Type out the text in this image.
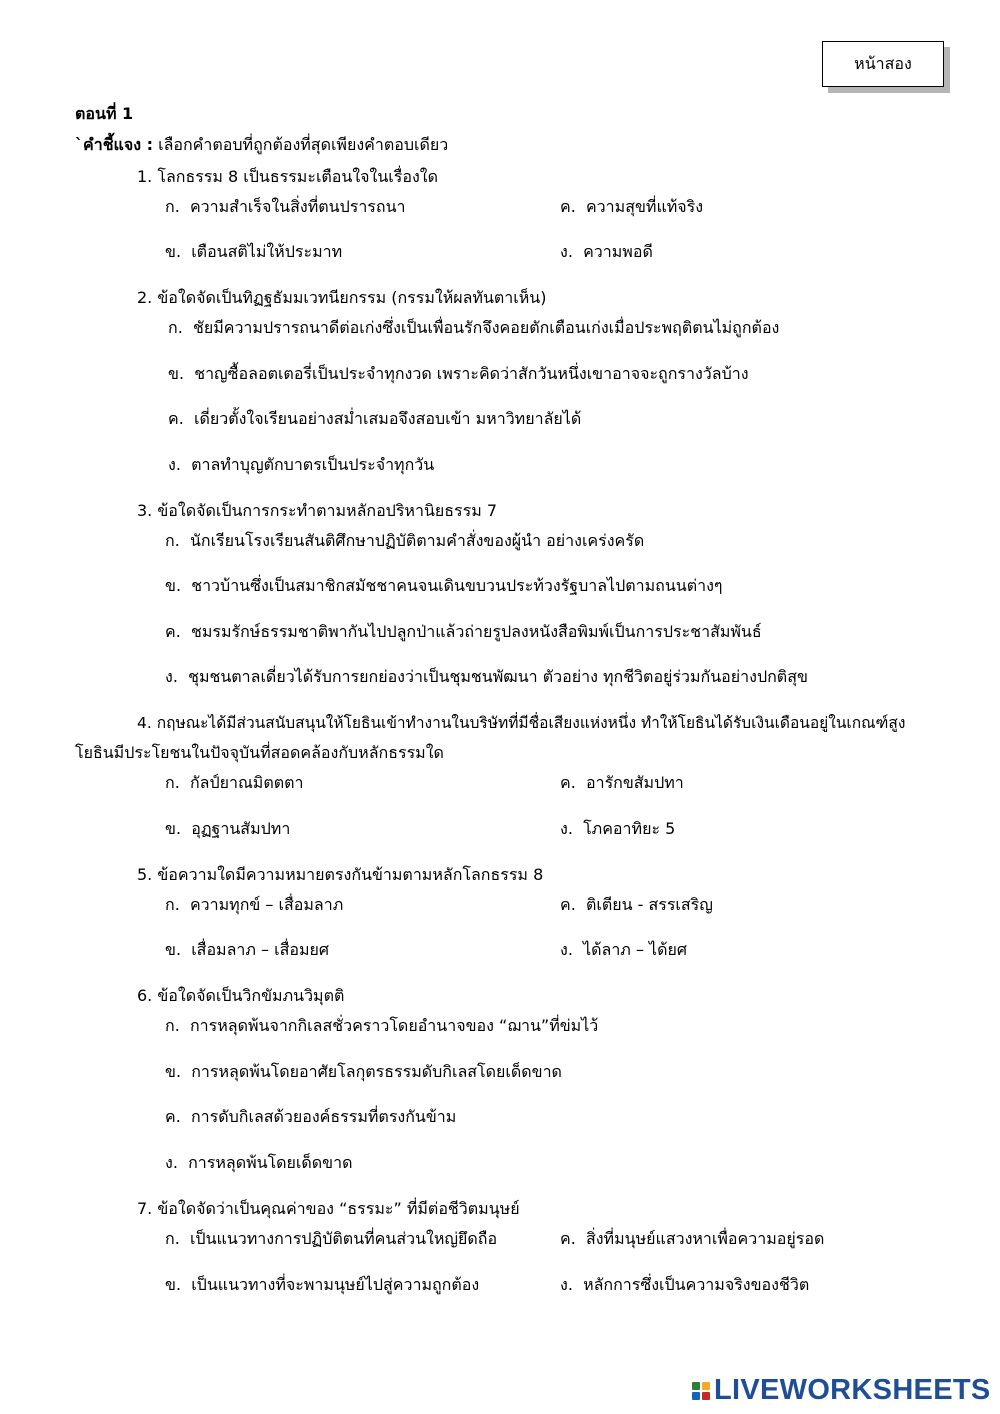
หน้าสอง
ตอนที่ 1
`คำชี้แจง : เลือกคำตอบที่ถูกต้องที่สุดเพียงคำตอบเดียว
1. โลกธรรม 8 เป็นธรรมะเตือนใจในเรื่องใด
ก. ความสำเร็จในสิ่งที่ตนปรารถนา	ค. ความสุขที่แท้จริง
ข. เตือนสติไม่ให้ประมาท	ง. ความพอดี
2. ข้อใดจัดเป็นทิฏฐธัมมเวทนียกรรม (กรรมให้ผลทันตาเห็น)
ก. ชัยมีความปรารถนาดีต่อเก่งซึ่งเป็นเพื่อนรักจึงคอยตักเตือนเก่งเมื่อประพฤติตนไม่ถูกต้อง
ข. ชาญซื้อลอตเตอรี่เป็นประจำทุกงวด เพราะคิดว่าสักวันหนึ่งเขาอาจจะถูกรางวัลบ้าง
ค. เดี่ยวตั้งใจเรียนอย่างสม่ำเสมอจึงสอบเข้า มหาวิทยาลัยได้
ง. ตาลทำบุญตักบาตรเป็นประจำทุกวัน
3. ข้อใดจัดเป็นการกระทำตามหลักอปริหานิยธรรม 7
ก. นักเรียนโรงเรียนสันติศึกษาปฏิบัติตามคำสั่งของผู้นำ อย่างเคร่งครัด
ข. ชาวบ้านซึ่งเป็นสมาชิกสมัชชาคนจนเดินขบวนประท้วงรัฐบาลไปตามถนนต่างๆ
ค. ชมรมรักษ์ธรรมชาติพากันไปปลูกป่าแล้วถ่ายรูปลงหนังสือพิมพ์เป็นการประชาสัมพันธ์
ง. ชุมชนตาลเดี่ยวได้รับการยกย่องว่าเป็นชุมชนพัฒนา ตัวอย่าง ทุกชีวิตอยู่ร่วมกันอย่างปกติสุข
4. กฤษณะได้มีส่วนสนับสนุนให้โยธินเข้าทำงานในบริษัทที่มีชื่อเสียงแห่งหนึ่ง ทำให้โยธินได้รับเงินเดือนอยู่ในเกณฑ์สูง
โยธินมีประโยชนในปัจจุบันที่สอดคล้องกับหลักธรรมใด
ก. กัลป์ยาณมิตตตา	ค. อารักขสัมปทา
ข. อุฏฐานสัมปทา	ง. โภคอาทิยะ 5
5. ข้อความใดมีความหมายตรงกันข้ามตามหลักโลกธรรม 8
ก. ความทุกข์ – เสื่อมลาภ	ค. ติเตียน - สรรเสริญ
ข. เสื่อมลาภ – เสื่อมยศ	ง. ได้ลาภ – ได้ยศ
6. ข้อใดจัดเป็นวิกขัมภนวิมุตติ
ก. การหลุดพ้นจากกิเลสชั่วคราวโดยอำนาจของ “ฌาน”ที่ข่มไว้
ข. การหลุดพ้นโดยอาศัยโลกุตรธรรมดับกิเลสโดยเด็ดขาด
ค. การดับกิเลสด้วยองค์ธรรมที่ตรงกันข้าม
ง. การหลุดพ้นโดยเด็ดขาด
7. ข้อใดจัดว่าเป็นคุณค่าของ “ธรรมะ” ที่มีต่อชีวิตมนุษย์
ก. เป็นแนวทางการปฏิบัติตนที่คนส่วนใหญ่ยึดถือ	ค. สิ่งที่มนุษย์แสวงหาเพื่อความอยู่รอด
ข. เป็นแนวทางที่จะพามนุษย์ไปสู่ความถูกต้อง	ง. หลักการซึ่งเป็นความจริงของชีวิต
LIVEWORKSHEETS
